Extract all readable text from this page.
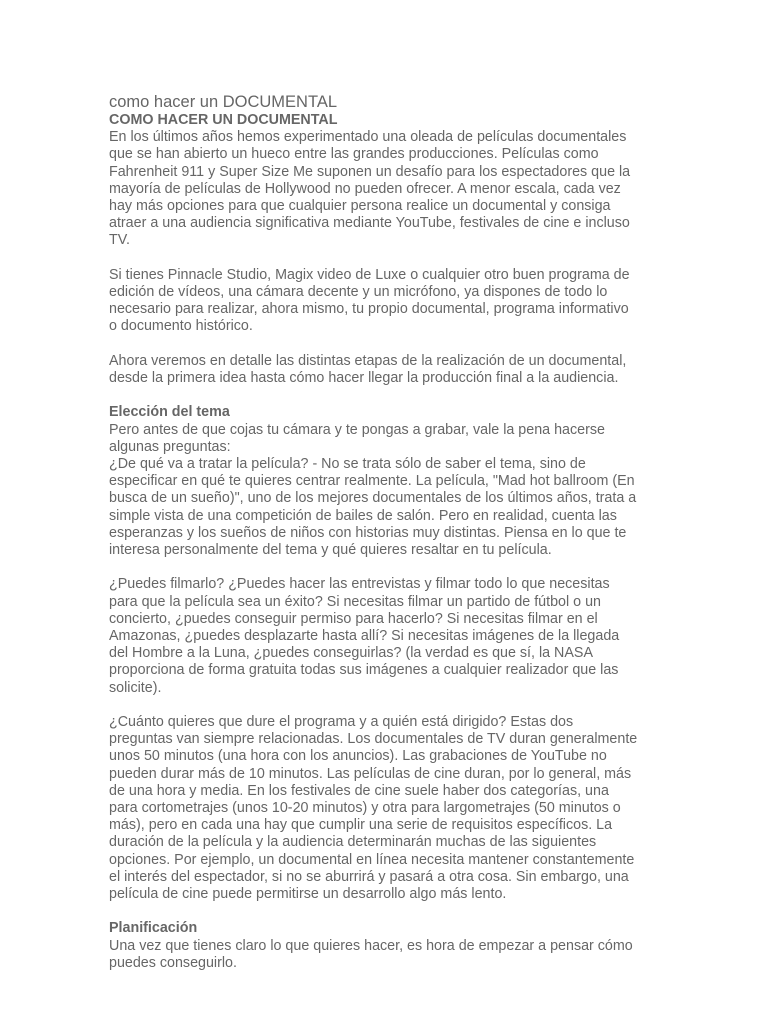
como hacer un DOCUMENTAL
COMO HACER UN DOCUMENTAL
En los últimos años hemos experimentado una oleada de películas documentales
que se han abierto un hueco entre las grandes producciones. Películas como
Fahrenheit 911 y Super Size Me suponen un desafío para los espectadores que la
mayoría de películas de Hollywood no pueden ofrecer. A menor escala, cada vez
hay más opciones para que cualquier persona realice un documental y consiga
atraer a una audiencia significativa mediante YouTube, festivales de cine e incluso
TV.
Si tienes Pinnacle Studio, Magix video de Luxe o cualquier otro buen programa de
edición de vídeos, una cámara decente y un micrófono, ya dispones de todo lo
necesario para realizar, ahora mismo, tu propio documental, programa informativo
o documento histórico.
Ahora veremos en detalle las distintas etapas de la realización de un documental,
desde la primera idea hasta cómo hacer llegar la producción final a la audiencia.
Elección del tema
Pero antes de que cojas tu cámara y te pongas a grabar, vale la pena hacerse
algunas preguntas:
¿De qué va a tratar la película? - No se trata sólo de saber el tema, sino de
especificar en qué te quieres centrar realmente. La película, "Mad hot ballroom (En
busca de un sueño)", uno de los mejores documentales de los últimos años, trata a
simple vista de una competición de bailes de salón. Pero en realidad, cuenta las
esperanzas y los sueños de niños con historias muy distintas. Piensa en lo que te
interesa personalmente del tema y qué quieres resaltar en tu película.
¿Puedes filmarlo? ¿Puedes hacer las entrevistas y filmar todo lo que necesitas
para que la película sea un éxito? Si necesitas filmar un partido de fútbol o un
concierto, ¿puedes conseguir permiso para hacerlo? Si necesitas filmar en el
Amazonas, ¿puedes desplazarte hasta allí? Si necesitas imágenes de la llegada
del Hombre a la Luna, ¿puedes conseguirlas? (la verdad es que sí, la NASA
proporciona de forma gratuita todas sus imágenes a cualquier realizador que las
solicite).
¿Cuánto quieres que dure el programa y a quién está dirigido? Estas dos
preguntas van siempre relacionadas. Los documentales de TV duran generalmente
unos 50 minutos (una hora con los anuncios). Las grabaciones de YouTube no
pueden durar más de 10 minutos. Las películas de cine duran, por lo general, más
de una hora y media. En los festivales de cine suele haber dos categorías, una
para cortometrajes (unos 10-20 minutos) y otra para largometrajes (50 minutos o
más), pero en cada una hay que cumplir una serie de requisitos específicos. La
duración de la película y la audiencia determinarán muchas de las siguientes
opciones. Por ejemplo, un documental en línea necesita mantener constantemente
el interés del espectador, si no se aburrirá y pasará a otra cosa. Sin embargo, una
película de cine puede permitirse un desarrollo algo más lento.
Planificación
Una vez que tienes claro lo que quieres hacer, es hora de empezar a pensar cómo
puedes conseguirlo.
